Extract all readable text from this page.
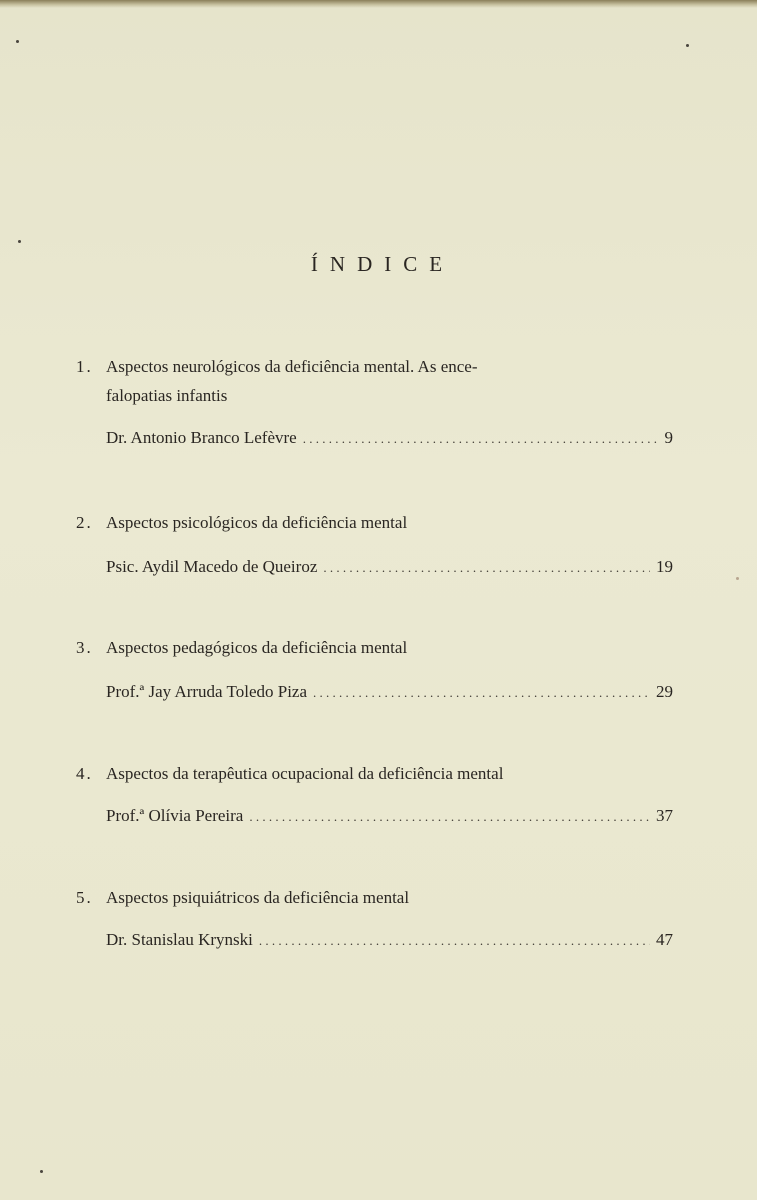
ÍNDICE
1. Aspectos neurológicos da deficiência mental. As ence-
falopatias infantis
Dr. Antonio Branco Lefèvre . . .	9
2. Aspectos psicológicos da deficiência mental
Psic. Aydil Macedo de Queiroz . . .	19
3. Aspectos pedagógicos da deficiência mental
Prof.ª Jay Arruda Toledo Piza . . .	29
4. Aspectos da terapêutica ocupacional da deficiência mental
Prof.ª Olívia Pereira . . .	37
5. Aspectos psiquiátricos da deficiência mental
Dr. Stanislau Krynski . . .	47
